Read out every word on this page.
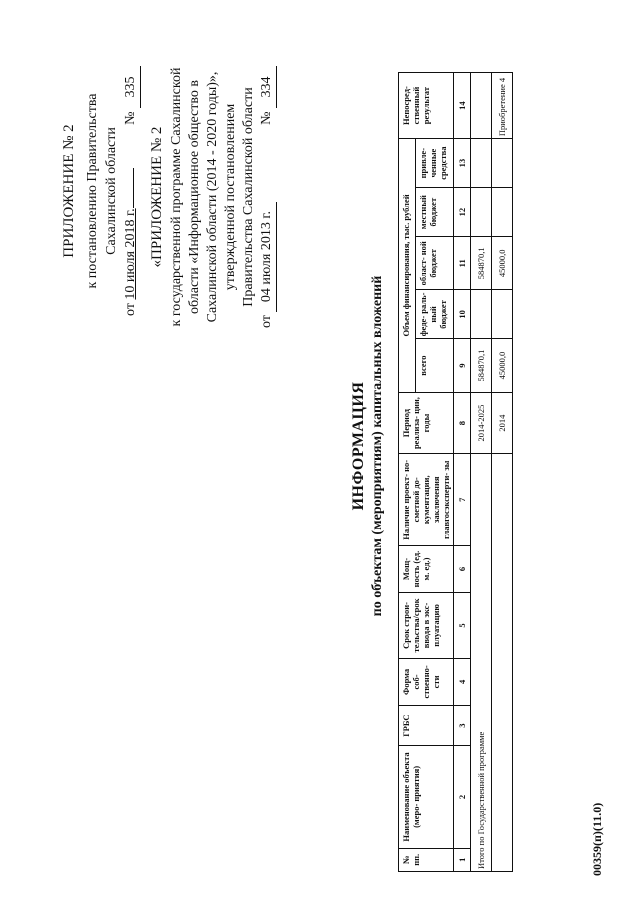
ПРИЛОЖЕНИЕ № 2 к постановлению Правительства Сахалинской области
от 10 июля 2018 г.
№ 335
«ПРИЛОЖЕНИЕ № 2 к государственной программе Сахалинской области «Информационное общество в Сахалинской области (2014 - 2020 годы)», утвержденной постановлением Правительства Сахалинской области
от 04 июля 2013 г.
№ 334
ИНФОРМАЦИЯ по объектам (мероприятиям) капитальных вложений
№ пп.	Наименование объекта (меро- приятия)	ГРБС	Форма соб- ственно- сти	Срок строи- тельства/срок ввода в экс- плуатацию	Мощ- ность (ед. м. ед.)	Наличие проект- но-сметной до- кументации, заключения главгосэксперти- зы	Период реализа- ции, годы	Объем финансирования, тыс. рублей					Непосред- ственный результат
								всего	феде- раль- ный бюджет	област- ной бюджет	местный бюджет	привле- ченные средства	
1	2	3	4	5	6	7	8	9	10	11	12	13	14
Итого по Государственной программе							2014-2025	584870,1		584870,1			
							2014	45000,0		45000,0			Приобретение 4
00359(п)(11.0)
